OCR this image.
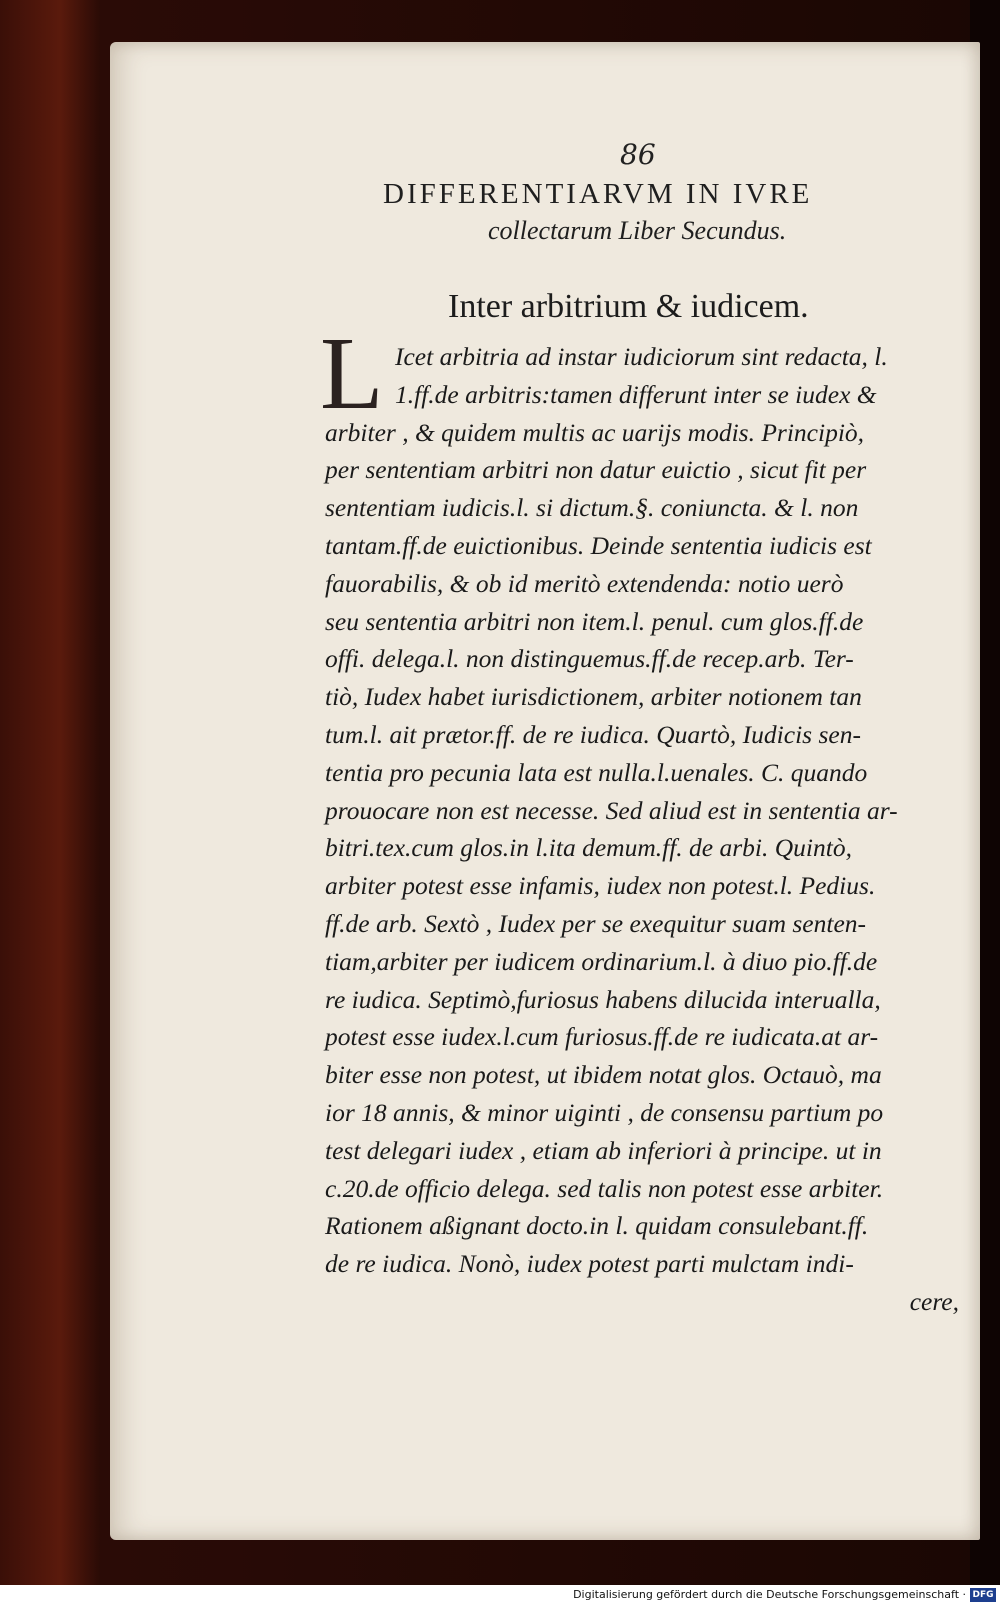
86
DIFFERENTIARVM IN IVRE
collectarum Liber Secundus.
Inter arbitrium & iudicem.
L Icet arbitria ad instar iudiciorum sint redacta, l.
1.ff.de arbitris:tamen differunt inter se iudex &
arbiter , & quidem multis ac uarijs modis. Principiò,
per sententiam arbitri non datur euictio , sicut fit per
sententiam iudicis.l. si dictum.§. coniuncta. & l. non
tantam.ff.de euictionibus. Deinde sententia iudicis est
fauorabilis, & ob id meritò extendenda: notio uerò
seu sententia arbitri non item.l. penul. cum glos.ff.de
offi. delega.l. non distinguemus.ff.de recep.arb. Ter-
tiò, Iudex habet iurisdictionem, arbiter notionem tan
tum.l. ait prætor.ff. de re iudica. Quartò, Iudicis sen-
tentia pro pecunia lata est nulla.l.uenales. C. quando
prouocare non est necesse. Sed aliud est in sententia ar-
bitri.tex.cum glos.in l.ita demum.ff. de arbi. Quintò,
arbiter potest esse infamis, iudex non potest.l. Pedius.
ff.de arb. Sextò , Iudex per se exequitur suam senten-
tiam,arbiter per iudicem ordinarium.l. à diuo pio.ff.de
re iudica. Septimò,furiosus habens dilucida interualla,
potest esse iudex.l.cum furiosus.ff.de re iudicata.at ar-
biter esse non potest, ut ibidem notat glos. Octauò, ma
ior 18 annis, & minor uiginti , de consensu partium po
test delegari iudex , etiam ab inferiori à principe. ut in
c.20.de officio delega. sed talis non potest esse arbiter.
Rationem aßignant docto.in l. quidam consulebant.ff.
de re iudica. Nonò, iudex potest parti mulctam indi-
cere,
Digitalisierung gefördert durch die Deutsche Forschungsgemeinschaft · DFG
